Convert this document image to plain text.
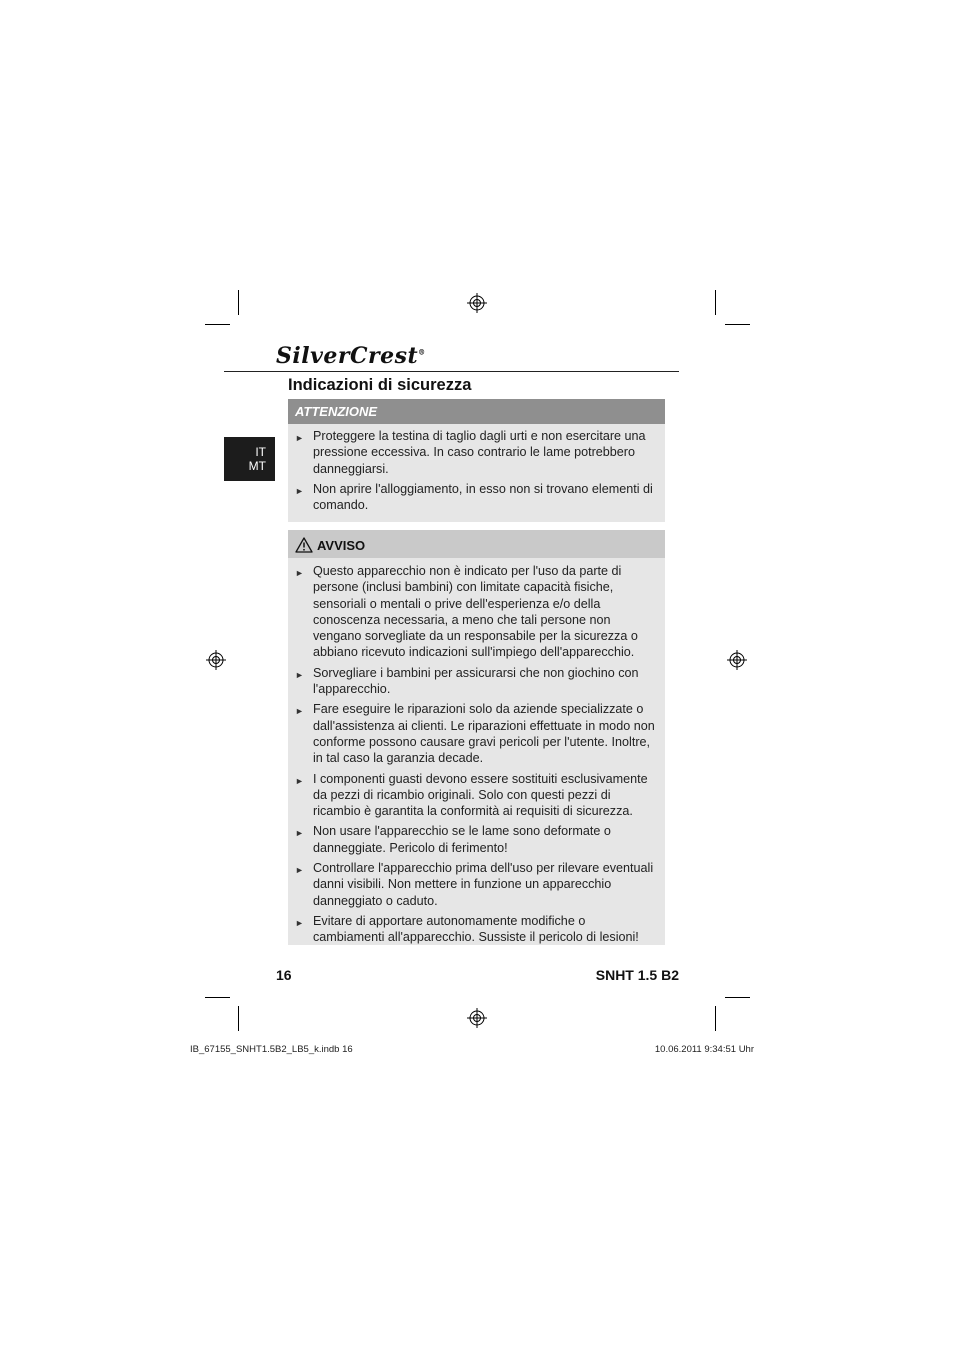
SilverCrest®
Indicazioni di sicurezza
IT
MT
ATTENZIONE
► Proteggere la testina di taglio dagli urti e non esercitare una pressione eccessiva. In caso contrario le lame potrebbero danneggiarsi.
► Non aprire l'alloggiamento, in esso non si trovano elementi di comando.
AVVISO
► Questo apparecchio non è indicato per l'uso da parte di persone (inclusi bambini) con limitate capacità fisiche, sensoriali o mentali o prive dell'esperienza e/o della conoscenza necessaria, a meno che tali persone non vengano sorvegliate da un responsabile per la sicurezza o abbiano ricevuto indicazioni sull'impiego dell'apparecchio.
► Sorvegliare i bambini per assicurarsi che non giochino con l'apparecchio.
► Fare eseguire le riparazioni solo da aziende specializzate o dall'assistenza ai clienti. Le riparazioni effettuate in modo non conforme possono causare gravi pericoli per l'utente. Inoltre, in tal caso la garanzia decade.
► I componenti guasti devono essere sostituiti esclusivamente da pezzi di ricambio originali. Solo con questi pezzi di ricambio è garantita la conformità ai requisiti di sicurezza.
► Non usare l'apparecchio se le lame sono deformate o danneggiate. Pericolo di ferimento!
► Controllare l'apparecchio prima dell'uso per rilevare eventuali danni visibili. Non mettere in funzione un apparecchio danneggiato o caduto.
► Evitare di apportare autonomamente modifiche o cambiamenti all'apparecchio. Sussiste il pericolo di lesioni!
16	SNHT 1.5 B2
IB_67155_SNHT1.5B2_LB5_k.indb 16	10.06.2011 9:34:51 Uhr
